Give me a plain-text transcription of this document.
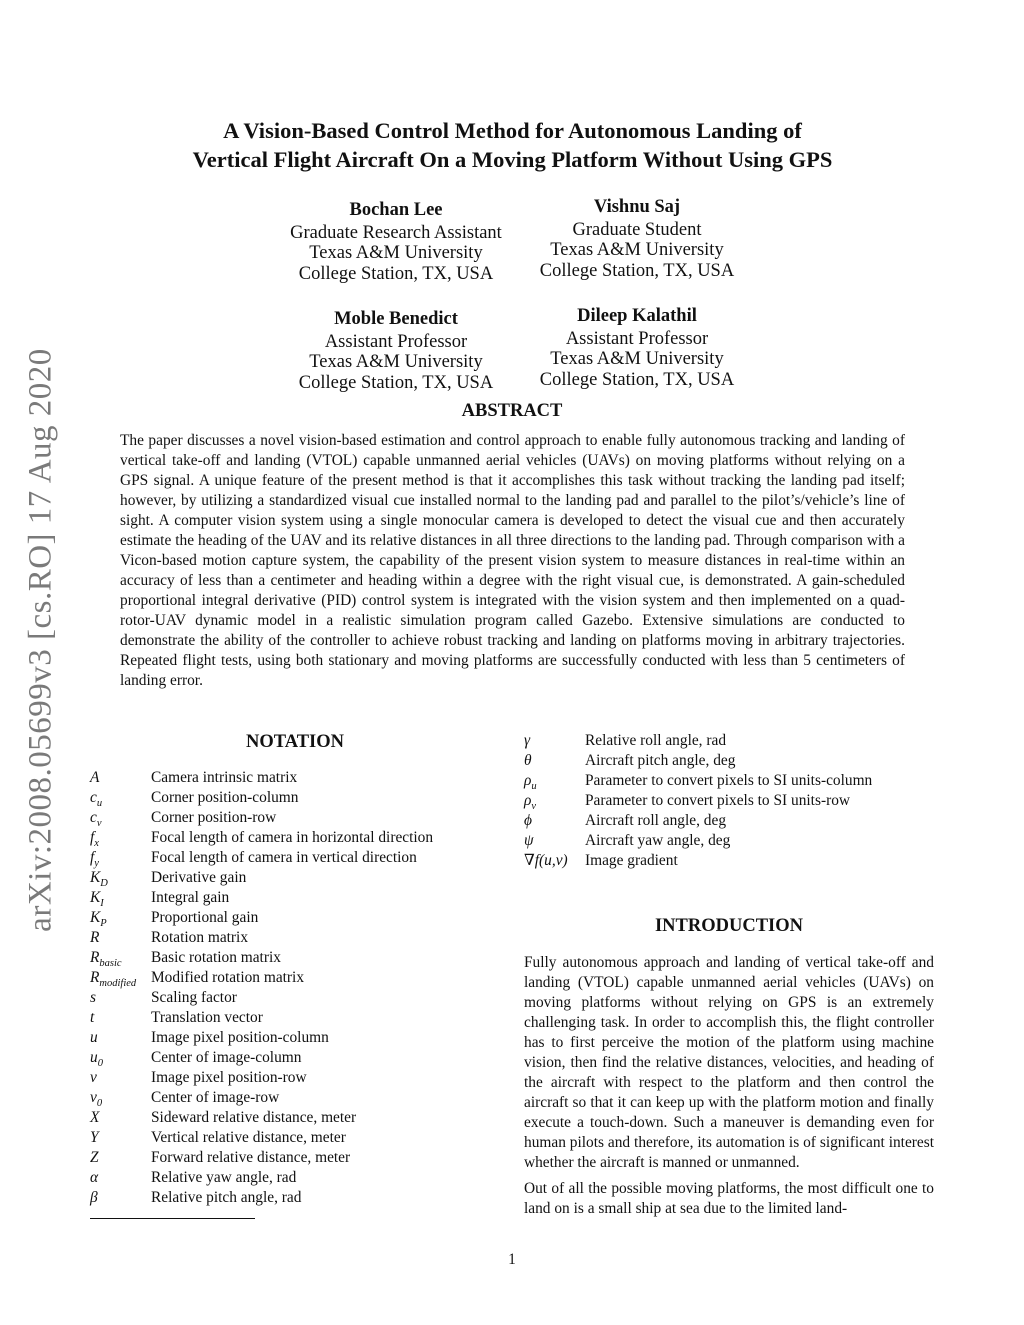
arXiv:2008.05699v3 [cs.RO] 17 Aug 2020
A Vision-Based Control Method for Autonomous Landing of
Vertical Flight Aircraft On a Moving Platform Without Using GPS
Bochan Lee
Graduate Research Assistant
Texas A&M University
College Station, TX, USA
Vishnu Saj
Graduate Student
Texas A&M University
College Station, TX, USA
Moble Benedict
Assistant Professor
Texas A&M University
College Station, TX, USA
Dileep Kalathil
Assistant Professor
Texas A&M University
College Station, TX, USA
ABSTRACT
The paper discusses a novel vision-based estimation and control approach to enable fully autonomous tracking and landing of vertical take-off and landing (VTOL) capable unmanned aerial vehicles (UAVs) on moving platforms without relying on a GPS signal. A unique feature of the present method is that it accomplishes this task without tracking the landing pad itself; however, by utilizing a standardized visual cue installed normal to the landing pad and parallel to the pilot’s/vehicle’s line of sight. A computer vision system using a single monocular camera is developed to detect the visual cue and then accurately estimate the heading of the UAV and its relative distances in all three directions to the landing pad. Through comparison with a Vicon-based motion capture system, the capability of the present vision system to measure distances in real-time within an accuracy of less than a centimeter and heading within a degree with the right visual cue, is demonstrated. A gain-scheduled proportional integral derivative (PID) control system is integrated with the vision system and then implemented on a quad-rotor-UAV dynamic model in a realistic simulation program called Gazebo. Extensive simulations are conducted to demonstrate the ability of the controller to achieve robust tracking and landing on platforms moving in arbitrary trajectories. Repeated flight tests, using both stationary and moving platforms are successfully conducted with less than 5 centimeters of landing error.
NOTATION
A	Camera intrinsic matrix
$c_u$	Corner position-column
$c_v$	Corner position-row
$f_x$	Focal length of camera in horizontal direction
$f_y$	Focal length of camera in vertical direction
$K_D$	Derivative gain
$K_I$	Integral gain
$K_P$	Proportional gain
R	Rotation matrix
$R_{basic}$	Basic rotation matrix
$R_{modified}$ Modified rotation matrix
s	Scaling factor
t	Translation vector
u	Image pixel position-column
$u_0$	Center of image-column
v	Image pixel position-row
$v_0$	Center of image-row
X	Sideward relative distance, meter
Y	Vertical relative distance, meter
Z	Forward relative distance, meter
α	Relative yaw angle, rad
β	Relative pitch angle, rad
γ	Relative roll angle, rad
θ	Aircraft pitch angle, deg
$\rho_u$	Parameter to convert pixels to SI units-column
$\rho_v$	Parameter to convert pixels to SI units-row
ϕ	Aircraft roll angle, deg
ψ	Aircraft yaw angle, deg
∇f(u,v)	Image gradient
INTRODUCTION

Fully autonomous approach and landing of vertical take-off and landing (VTOL) capable unmanned aerial vehicles (UAVs) on moving platforms without relying on GPS is an extremely challenging task. In order to accomplish this, the flight controller has to first perceive the motion of the platform using machine vision, then find the relative distances, velocities, and heading of the aircraft with respect to the platform and then control the aircraft so that it can keep up with the platform motion and finally execute a touch-down. Such a maneuver is demanding even for human pilots and therefore, its automation is of significant interest whether the aircraft is manned or unmanned.

Out of all the possible moving platforms, the most difficult one to land on is a small ship at sea due to the limited land-

1
